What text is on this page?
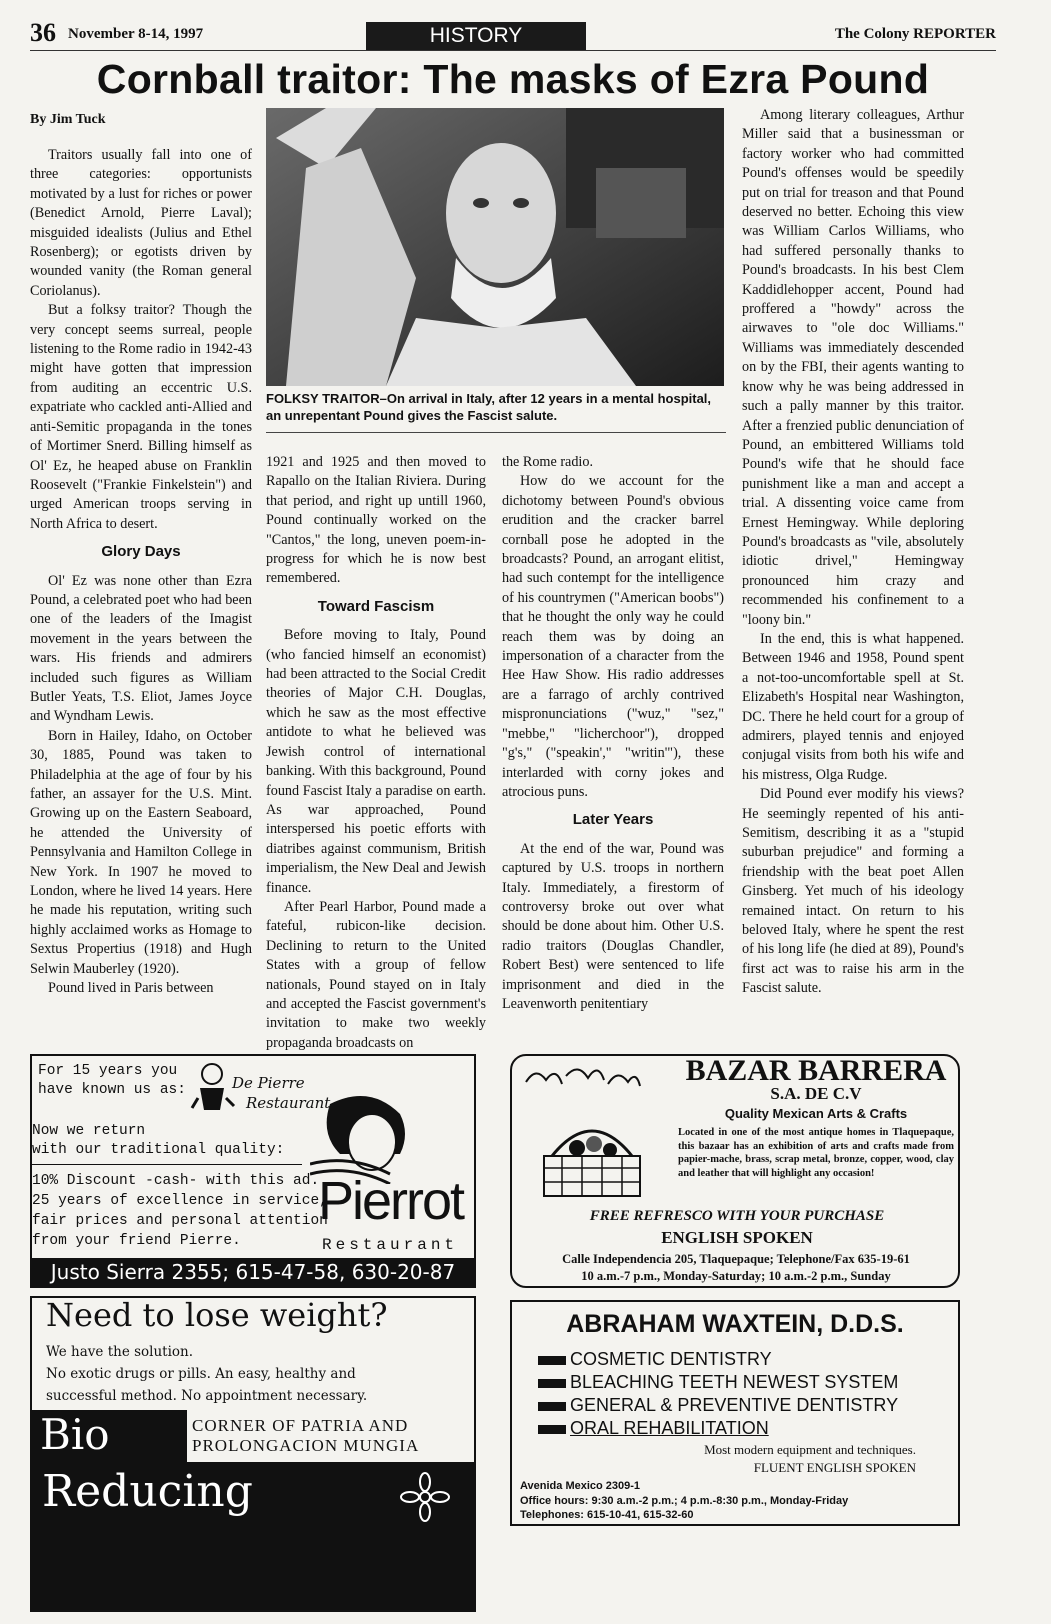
36 November 8-14, 1997	HISTORY	The Colony REPORTER
Cornball traitor: The masks of Ezra Pound
By Jim Tuck
FOLKSY TRAITOR–On arrival in Italy, after 12 years in a mental hospital, an unrepentant Pound gives the Fascist salute.

Traitors usually fall into one of three categories: opportunists motivated by a lust for riches or power (Benedict Arnold, Pierre Laval); misguided idealists (Julius and Ethel Rosenberg); or egotists driven by wounded vanity (the Roman general Coriolanus).

But a folksy traitor? Though the very concept seems surreal, people listening to the Rome radio in 1942-43 might have gotten that impression from auditing an eccentric U.S. expatriate who cackled anti-Allied and anti-Semitic propaganda in the tones of Mortimer Snerd. Billing himself as Ol' Ez, he heaped abuse on Franklin Roosevelt ("Frankie Finkelstein") and urged American troops serving in North Africa to desert.

Glory Days

Ol' Ez was none other than Ezra Pound, a celebrated poet who had been one of the leaders of the Imagist movement in the years between the wars. His friends and admirers included such figures as William Butler Yeats, T.S. Eliot, James Joyce and Wyndham Lewis.

Born in Hailey, Idaho, on October 30, 1885, Pound was taken to Philadelphia at the age of four by his father, an assayer for the U.S. Mint. Growing up on the Eastern Seaboard, he attended the University of Pennsylvania and Hamilton College in New York. In 1907 he moved to London, where he lived 14 years. Here he made his reputation, writing such highly acclaimed works as Homage to Sextus Propertius (1918) and Hugh Selwin Mauberley (1920).

Pound lived in Paris between

1921 and 1925 and then moved to Rapallo on the Italian Riviera. During that period, and right up untill 1960, Pound continually worked on the "Cantos," the long, uneven poem-in-progress for which he is now best remembered.

Toward Fascism

Before moving to Italy, Pound (who fancied himself an economist) had been attracted to the Social Credit theories of Major C.H. Douglas, which he saw as the most effective antidote to what he believed was Jewish control of international banking. With this background, Pound found Fascist Italy a paradise on earth. As war approached, Pound interspersed his poetic efforts with diatribes against communism, British imperialism, the New Deal and Jewish finance.

After Pearl Harbor, Pound made a fateful, rubicon-like decision. Declining to return to the United States with a group of fellow nationals, Pound stayed on in Italy and accepted the Fascist government's invitation to make two weekly propaganda broadcasts on

the Rome radio.

How do we account for the dichotomy between Pound's obvious erudition and the cracker barrel cornball pose he adopted in the broadcasts? Pound, an arrogant elitist, had such contempt for the intelligence of his countrymen ("American boobs") that he thought the only way he could reach them was by doing an impersonation of a character from the Hee Haw Show. His radio addresses are a farrago of archly contrived mispronunciations ("wuz," "sez," "mebbe," "licherchoor"), dropped "g's," ("speakin'," "writin'"), these interlarded with corny jokes and atrocious puns.

Later Years

At the end of the war, Pound was captured by U.S. troops in northern Italy. Immediately, a firestorm of controversy broke out over what should be done about him. Other U.S. radio traitors (Douglas Chandler, Robert Best) were sentenced to life imprisonment and died in the Leavenworth penitentiary

Among literary colleagues, Arthur Miller said that a businessman or factory worker who had committed Pound's offenses would be speedily put on trial for treason and that Pound deserved no better. Echoing this view was William Carlos Williams, who had suffered personally thanks to Pound's broadcasts. In his best Clem Kaddidlehopper accent, Pound had proffered a "howdy" across the airwaves to "ole doc Williams." Williams was immediately descended on by the FBI, their agents wanting to know why he was being addressed in such a pally manner by this traitor. After a frenzied public denunciation of Pound, an embittered Williams told Pound's wife that he should face punishment like a man and accept a trial. A dissenting voice came from Ernest Hemingway. While deploring Pound's broadcasts as "vile, absolutely idiotic drivel," Hemingway pronounced him crazy and recommended his confinement to a "loony bin."

In the end, this is what happened. Between 1946 and 1958, Pound spent a not-too-uncomfortable spell at St. Elizabeth's Hospital near Washington, DC. There he held court for a group of admirers, played tennis and enjoyed conjugal visits from both his wife and his mistress, Olga Rudge.

Did Pound ever modify his views? He seemingly repented of his anti-Semitism, describing it as a "stupid suburban prejudice" and forming a friendship with the beat poet Allen Ginsberg. Yet much of his ideology remained intact. On return to his beloved Italy, where he spent the rest of his long life (he died at 89), Pound's first act was to raise his arm in the Fascist salute.

For 15 years you
have known us as:	De Pierre
Restaurant
Now we return
with our traditional quality:
10% Discount -cash- with this ad.
25 years of excellence in service,
fair prices and personal attention
from your friend Pierre.
Pierrot
Restaurant
Justo Sierra 2355; 615-47-58, 630-20-87
BAZAR BARRERA
S.A. DE C.V
Quality Mexican Arts & Crafts
Located in one of the most antique homes in Tlaquepaque, this bazaar has an exhibition of arts and crafts made from papier-mache, brass, scrap metal, bronze, copper, wood, clay and leather that will highlight any occasion!
FREE REFRESCO WITH YOUR PURCHASE
ENGLISH SPOKEN
Calle Independencia 205, Tlaquepaque; Telephone/Fax 635-19-61
10 a.m.-7 p.m., Monday-Saturday; 10 a.m.-2 p.m., Sunday
Need to lose weight?
We have the solution.
No exotic drugs or pills. An easy, healthy and
successful method. No appointment necessary.
Bio	CORNER OF PATRIA AND
PROLONGACION MUNGIA
Reducing
ABRAHAM WAXTEIN, D.D.S.
COSMETIC DENTISTRY
BLEACHING TEETH NEWEST SYSTEM
GENERAL & PREVENTIVE DENTISTRY
ORAL REHABILITATION
Most modern equipment and techniques.
FLUENT ENGLISH SPOKEN
Avenida Mexico 2309-1
Office hours: 9:30 a.m.-2 p.m.; 4 p.m.-8:30 p.m., Monday-Friday
Telephones: 615-10-41, 615-32-60
